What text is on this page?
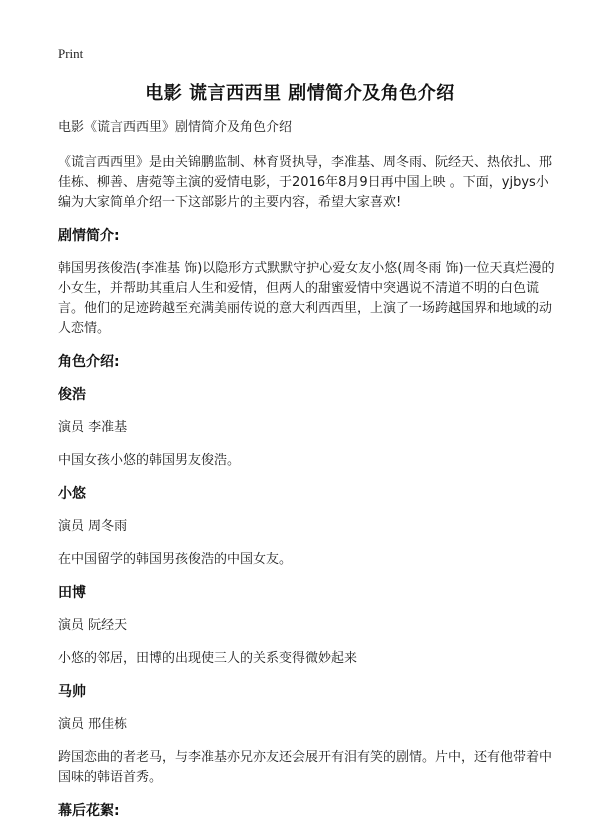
Print
电影 谎言西西里 剧情简介及角色介绍
电影《谎言西西里》剧情简介及角色介绍
《谎言西西里》是由关锦鹏监制、林育贤执导，李准基、周冬雨、阮经天、热依扎、邢佳栋、柳善、唐菀等主演的爱情电影，于2016年8月9日再中国上映 。下面，yjbys小编为大家简单介绍一下这部影片的主要内容，希望大家喜欢!
剧情简介:
韩国男孩俊浩(李准基 饰)以隐形方式默默守护心爱女友小悠(周冬雨 饰)一位天真烂漫的小女生，并帮助其重启人生和爱情，但两人的甜蜜爱情中突遇说不清道不明的白色谎言。他们的足迹跨越至充满美丽传说的意大利西西里，上演了一场跨越国界和地域的动人恋情。
角色介绍:
俊浩
演员 李准基
中国女孩小悠的韩国男友俊浩。
小悠
演员 周冬雨
在中国留学的韩国男孩俊浩的中国女友。
田博
演员 阮经天
小悠的邻居，田博的出现使三人的关系变得微妙起来
马帅
演员 邢佳栋
跨国恋曲的者老马，与李准基亦兄亦友还会展开有泪有笑的剧情。片中，还有他带着中国味的韩语首秀。
幕后花絮:
